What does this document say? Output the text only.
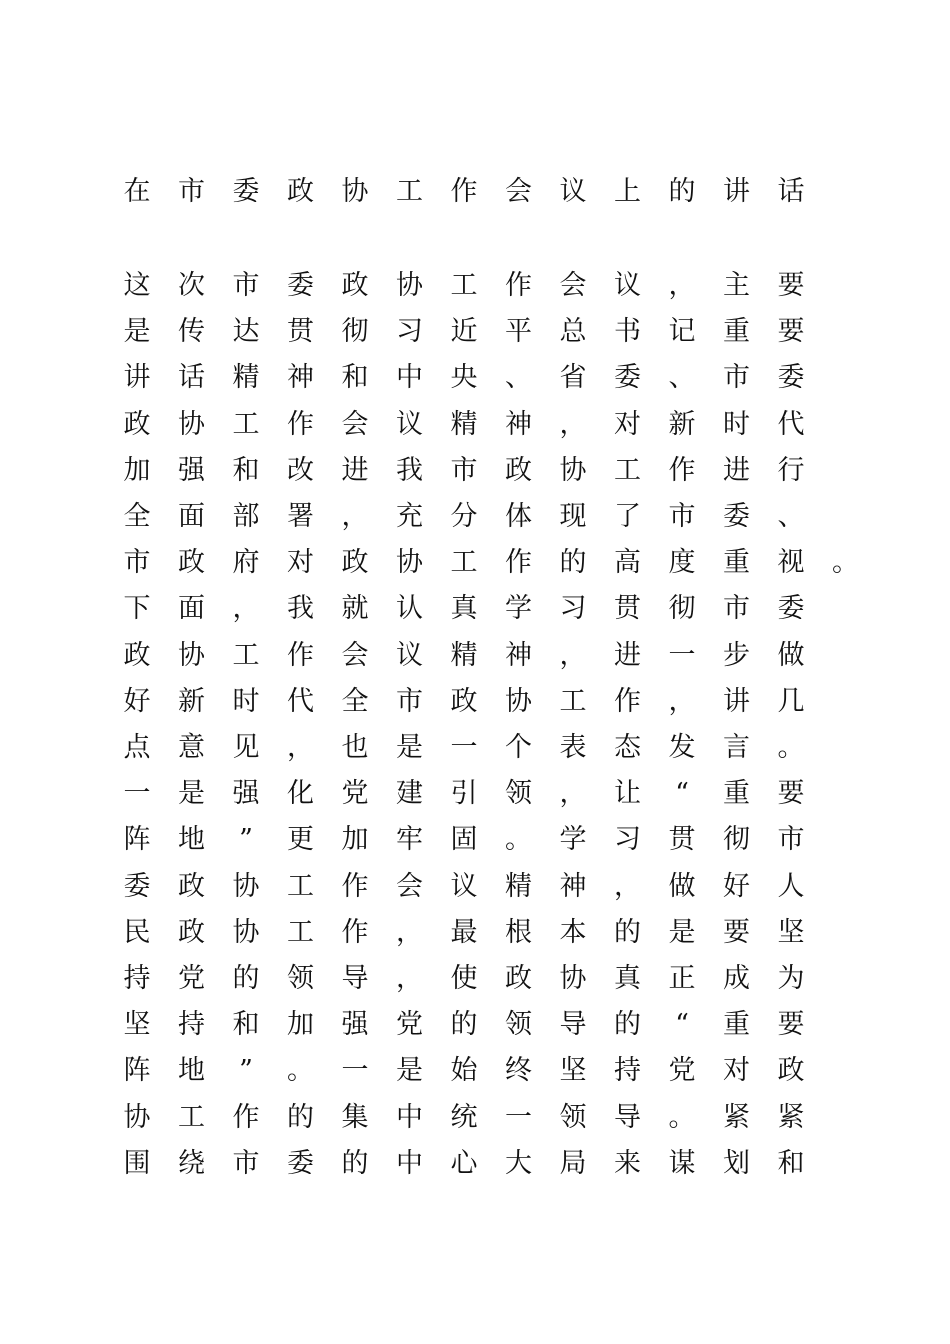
在	市	委	政	协	工	作	会	议	上	的	讲	话
这	次	市	委	政	协	工	作	会	议	，	主	要
是	传	达	贯	彻	习	近	平	总	书	记	重	要
讲	话	精	神	和	中	央	、	省	委	、	市	委
政	协	工	作	会	议	精	神	，	对	新	时	代
加	强	和	改	进	我	市	政	协	工	作	进	行
全	面	部	署	，	充	分	体	现	了	市	委	、
市	政	府	对	政	协	工	作	的	高	度	重	视	。
下	面	，	我	就	认	真	学	习	贯	彻	市	委
政	协	工	作	会	议	精	神	，	进	一	步	做
好	新	时	代	全	市	政	协	工	作	，	讲	几
点	意	见	，	也	是	一	个	表	态	发	言	。
一	是	强	化	党	建	引	领	，	让	“	重	要
阵	地	”	更	加	牢	固	。	学	习	贯	彻	市
委	政	协	工	作	会	议	精	神	，	做	好	人
民	政	协	工	作	，	最	根	本	的	是	要	坚
持	党	的	领	导	，	使	政	协	真	正	成	为
坚	持	和	加	强	党	的	领	导	的	“	重	要
阵	地	”	。	一	是	始	终	坚	持	党	对	政
协	工	作	的	集	中	统	一	领	导	。	紧	紧
围	绕	市	委	的	中	心	大	局	来	谋	划	和
